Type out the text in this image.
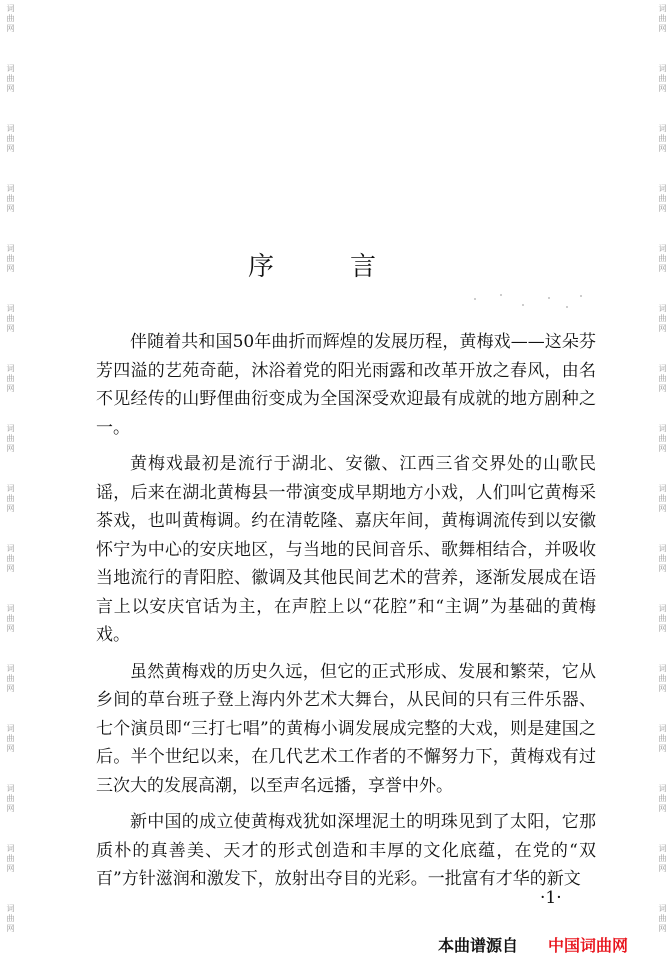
词曲网
词曲网
词曲网
词曲网
词曲网
词曲网
词曲网
词曲网
词曲网
词曲网
词曲网
词曲网
词曲网
词曲网
词曲网
词曲网
词曲网
词曲网
词曲网
词曲网
词曲网
词曲网
词曲网
词曲网
词曲网
词曲网
词曲网
词曲网
词曲网
词曲网
词曲网
词曲网
序言

伴随着共和国50年曲折而辉煌的发展历程，黄梅戏——这朵芬芳四溢的艺苑奇葩，沐浴着党的阳光雨露和改革开放之春风，由名不见经传的山野俚曲衍变成为全国深受欢迎最有成就的地方剧种之一。

黄梅戏最初是流行于湖北、安徽、江西三省交界处的山歌民谣，后来在湖北黄梅县一带演变成早期地方小戏，人们叫它黄梅采茶戏，也叫黄梅调。约在清乾隆、嘉庆年间，黄梅调流传到以安徽怀宁为中心的安庆地区，与当地的民间音乐、歌舞相结合，并吸收当地流行的青阳腔、徽调及其他民间艺术的营养，逐渐发展成在语言上以安庆官话为主，在声腔上以“花腔”和“主调”为基础的黄梅戏。

虽然黄梅戏的历史久远，但它的正式形成、发展和繁荣，它从乡间的草台班子登上海内外艺术大舞台，从民间的只有三件乐器、七个演员即“三打七唱”的黄梅小调发展成完整的大戏，则是建国之后。半个世纪以来，在几代艺术工作者的不懈努力下，黄梅戏有过三次大的发展高潮，以至声名远播，享誉中外。

新中国的成立使黄梅戏犹如深埋泥土的明珠见到了太阳，它那质朴的真善美、天才的形式创造和丰厚的文化底蕴，在党的“双百”方针滋润和激发下，放射出夺目的光彩。一批富有才华的新文

·1·
本曲谱源自 中国词曲网
